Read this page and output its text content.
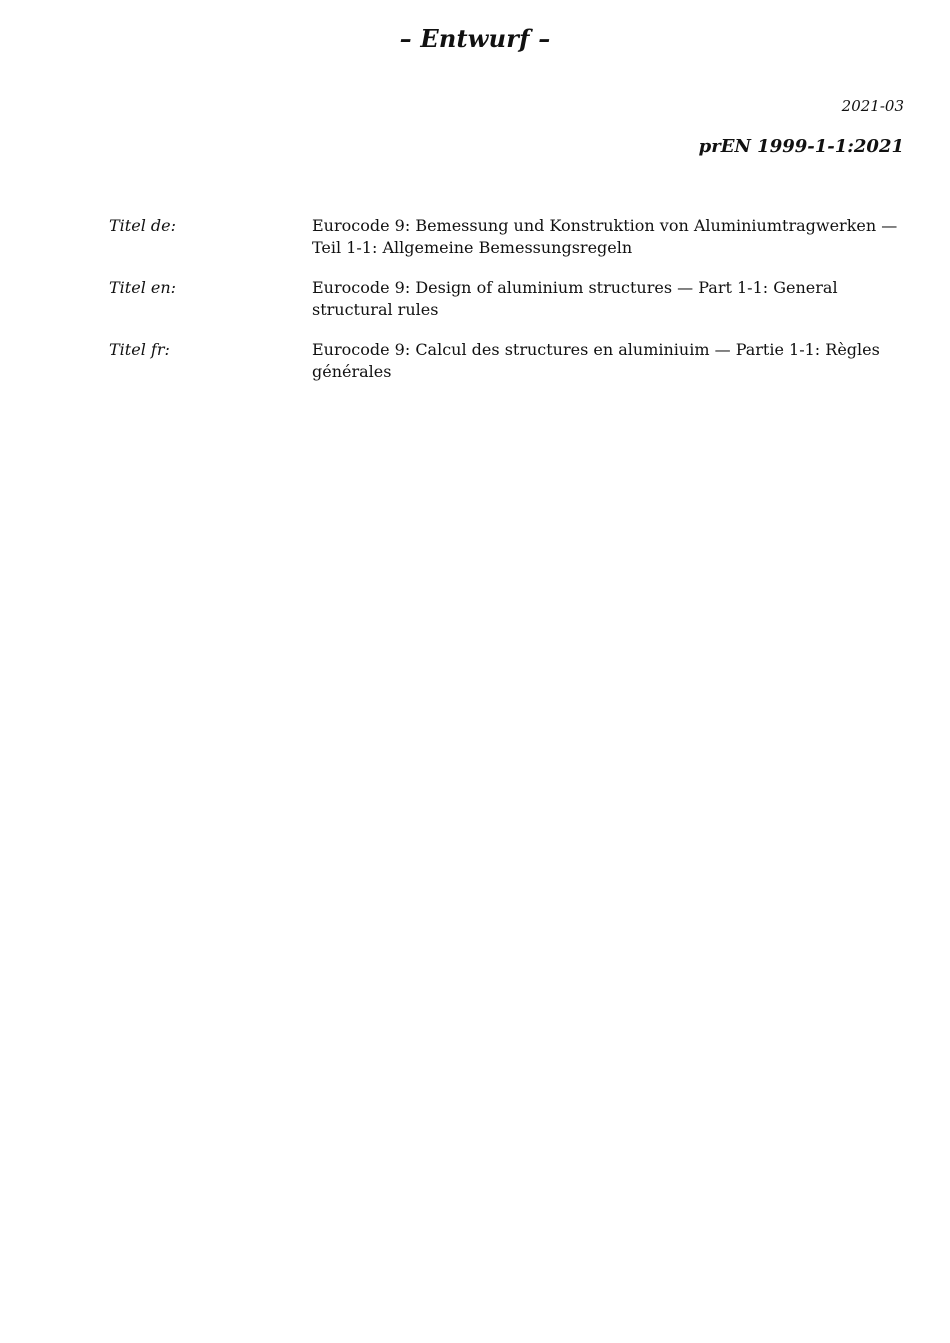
– Entwurf –
2021-03
prEN 1999-1-1:2021
Titel de:	Eurocode 9: Bemessung und Konstruktion von Aluminiumtragwerken — Teil 1-1: Allgemeine Bemessungsregeln
Titel en:	Eurocode 9: Design of aluminium structures — Part 1-1: General structural rules
Titel fr:	Eurocode 9: Calcul des structures en aluminiuim — Partie 1-1: Règles générales
